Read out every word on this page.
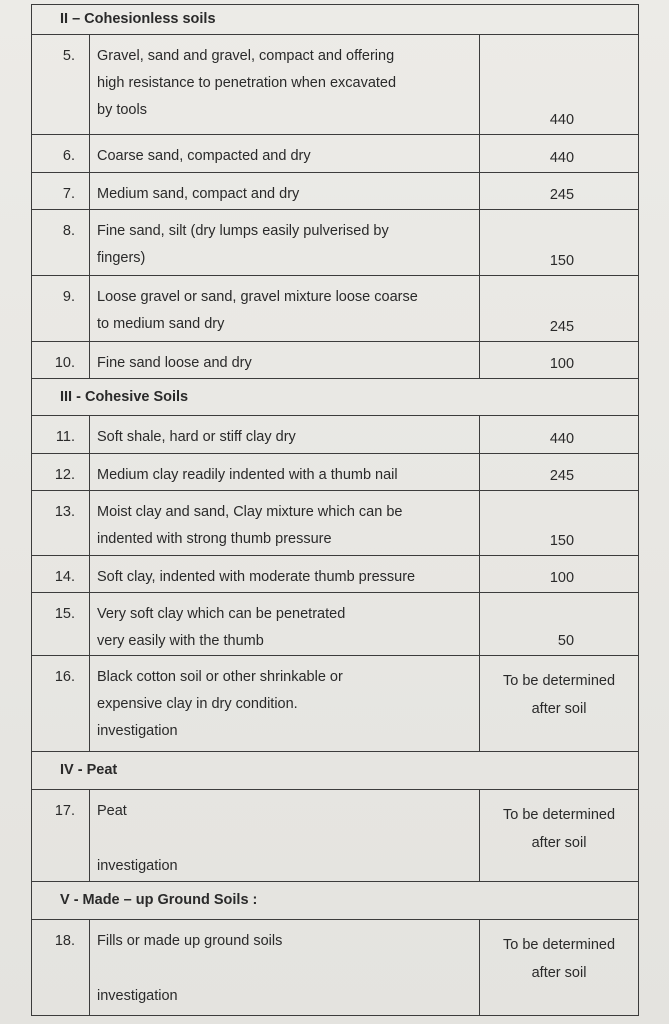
II – Cohesionless soils		
5.	Gravel, sand and gravel, compact and offering
high resistance to penetration when excavated
by tools	440

6.	Coarse sand, compacted and dry	440

7.	Medium sand, compact and dry	245

8.	Fine sand, silt (dry lumps easily pulverised by
fingers)	150

9.	Loose gravel or sand, gravel mixture loose coarse
to medium sand dry	245

10.	Fine sand loose and dry	100

III - Cohesive Soils		
11.	Soft shale, hard or stiff clay dry	440

12.	Medium clay readily indented with a thumb nail	245

13.	Moist clay and sand, Clay mixture which can be
indented with strong thumb pressure	150

14.	Soft clay, indented with moderate thumb pressure	100

15.	Very soft clay which can be penetrated
very easily with the thumb	50

16.	Black cotton soil or other shrinkable or
expensive clay in dry condition.
investigation	To be determined
after soil

IV - Peat		
17.	Peat
investigation	To be determined
after soil

V - Made – up Ground Soils :		
18.	Fills or made up ground soils
investigation	To be determined
after soil
